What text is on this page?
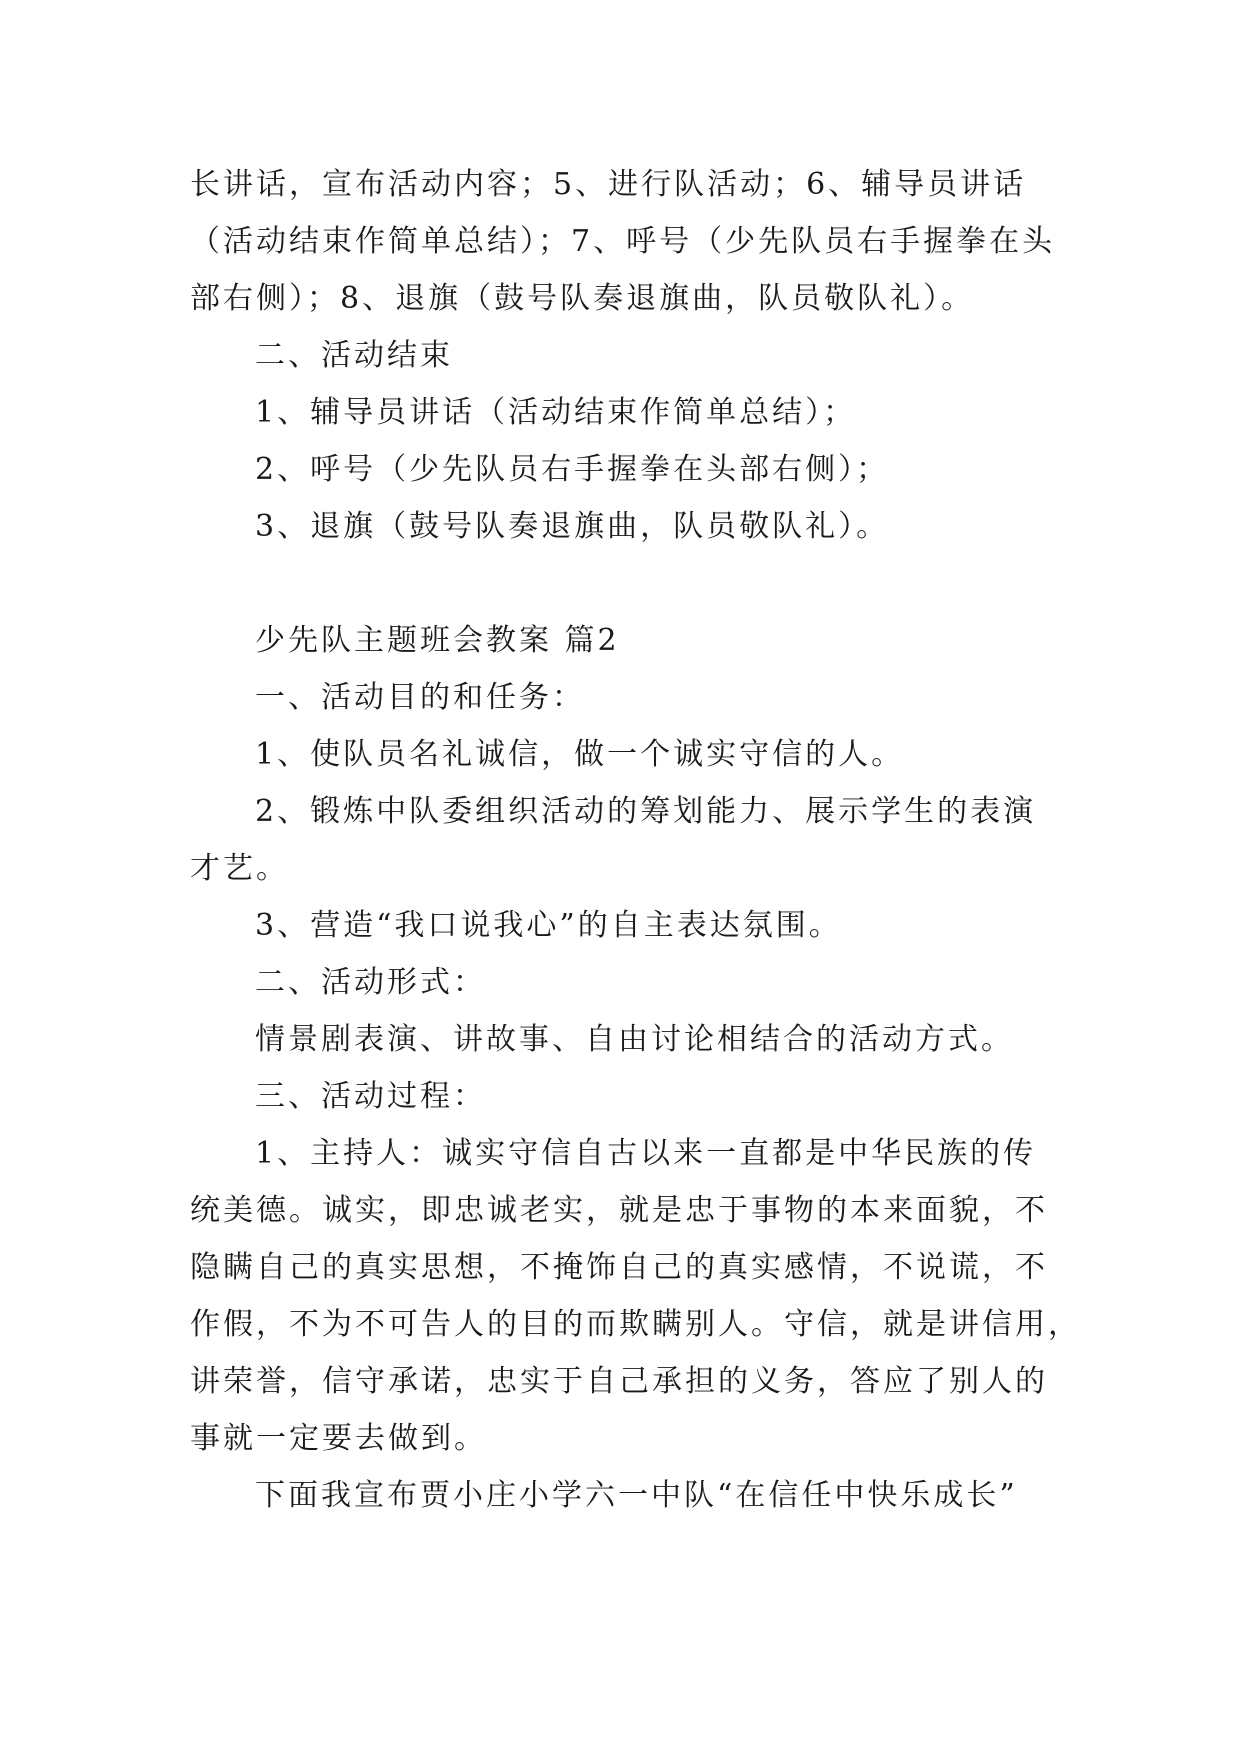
长讲话，宣布活动内容；5、进行队活动；6、辅导员讲话
（活动结束作简单总结）；7、呼号（少先队员右手握拳在头
部右侧）；8、退旗（鼓号队奏退旗曲，队员敬队礼）。
二、活动结束
1、辅导员讲话（活动结束作简单总结）；
2、呼号（少先队员右手握拳在头部右侧）；
3、退旗（鼓号队奏退旗曲，队员敬队礼）。
少先队主题班会教案 篇2
一、活动目的和任务：
1、使队员名礼诚信，做一个诚实守信的人。
2、锻炼中队委组织活动的筹划能力、展示学生的表演
才艺。
3、营造“我口说我心”的自主表达氛围。
二、活动形式：
情景剧表演、讲故事、自由讨论相结合的活动方式。
三、活动过程：
1、主持人：诚实守信自古以来一直都是中华民族的传
统美德。诚实，即忠诚老实，就是忠于事物的本来面貌，不
隐瞒自己的真实思想，不掩饰自己的真实感情，不说谎，不
作假，不为不可告人的目的而欺瞒别人。守信，就是讲信用，
讲荣誉，信守承诺，忠实于自己承担的义务，答应了别人的
事就一定要去做到。
下面我宣布贾小庄小学六一中队“在信任中快乐成长”
